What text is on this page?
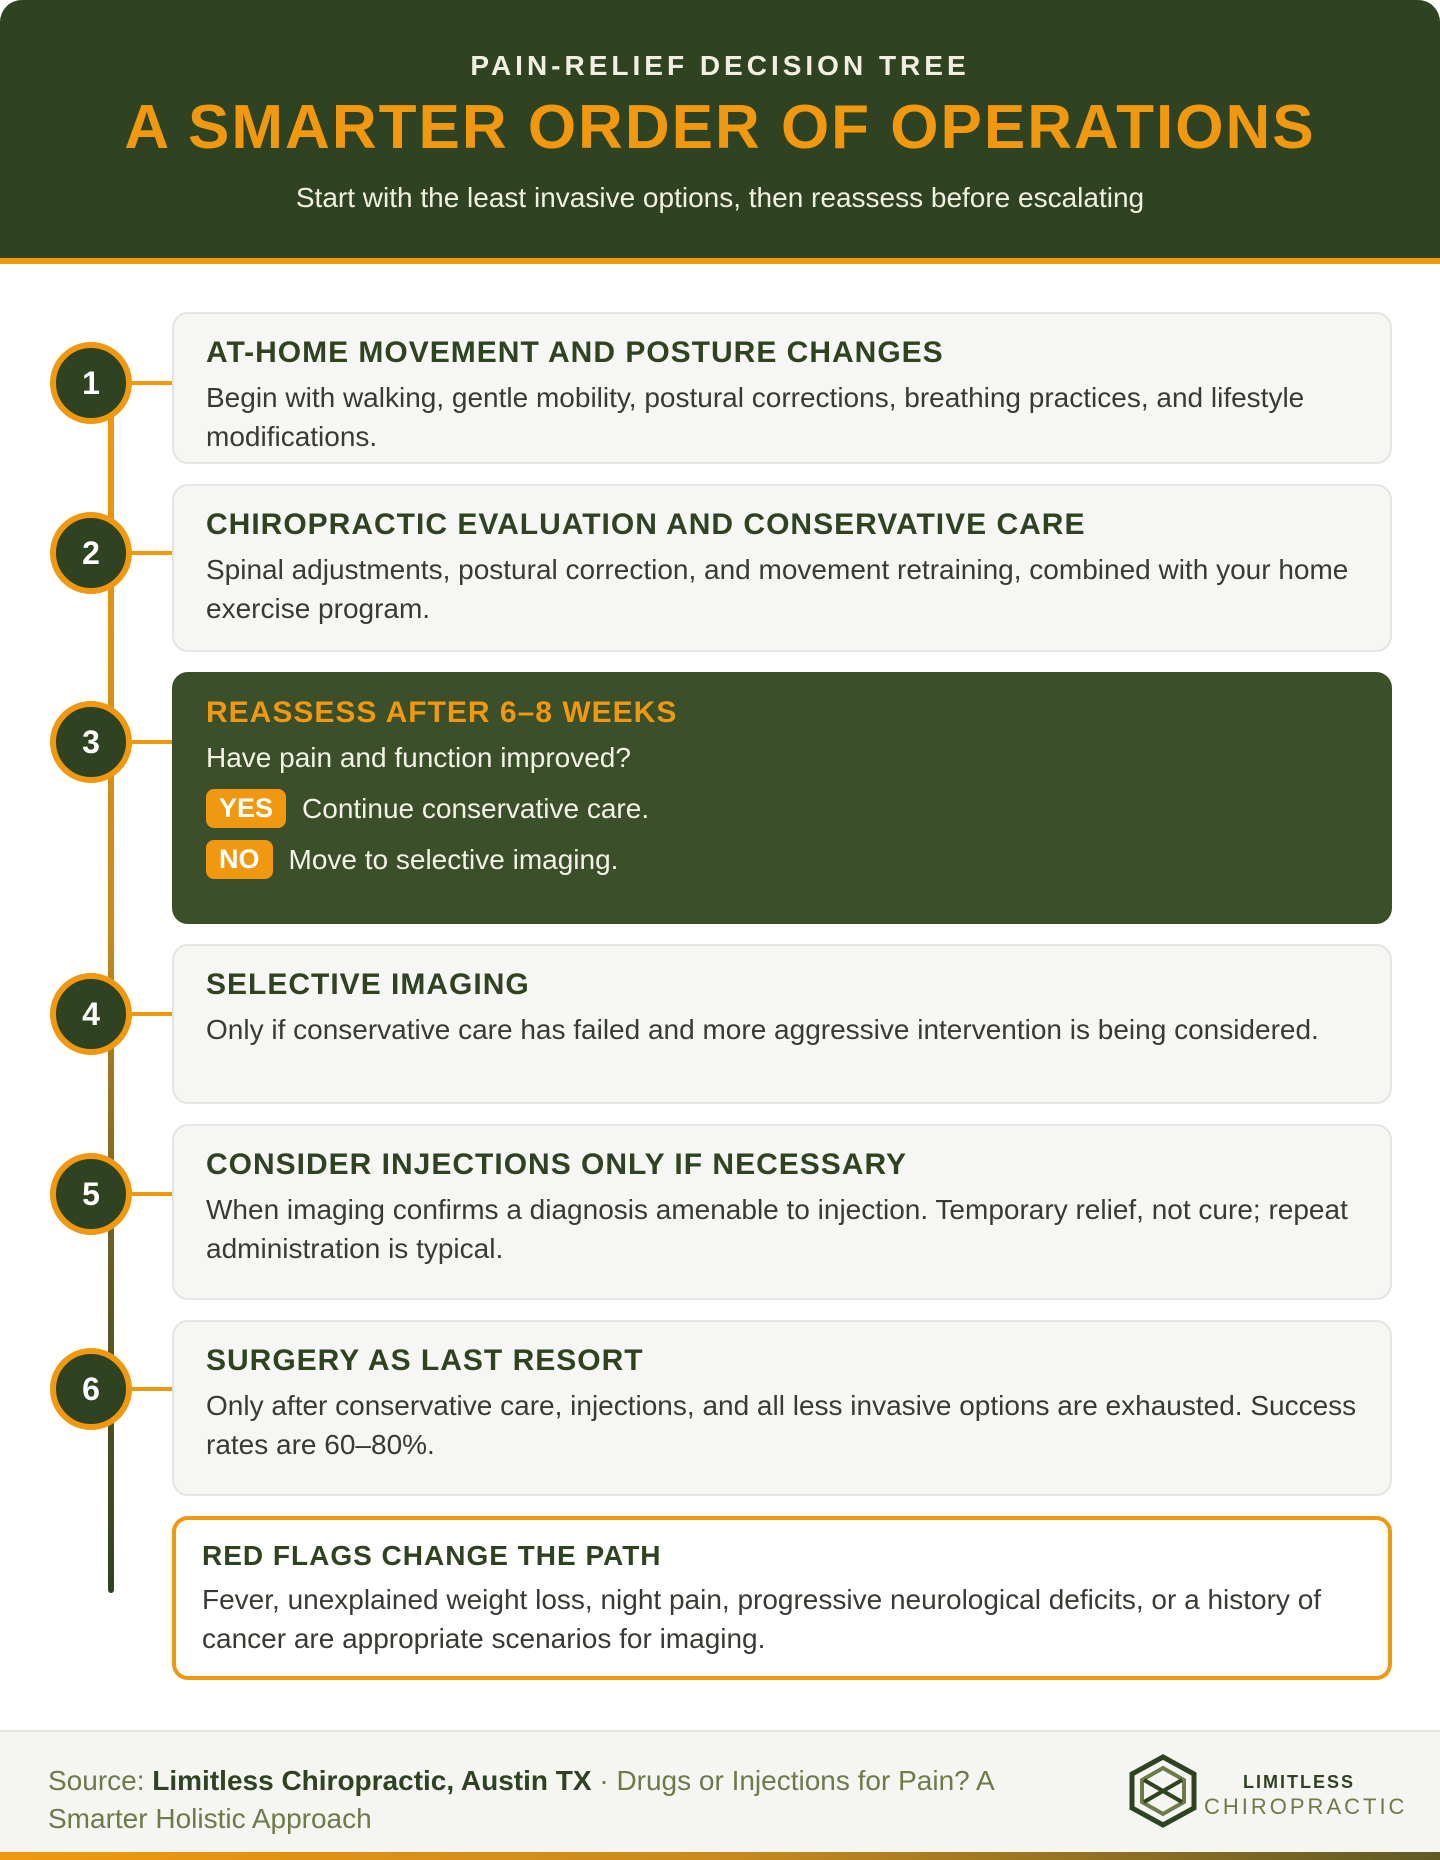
PAIN-RELIEF DECISION TREE
A SMARTER ORDER OF OPERATIONS
Start with the least invasive options, then reassess before escalating
1
AT-HOME MOVEMENT AND POSTURE CHANGES

Begin with walking, gentle mobility, postural corrections, breathing practices, and lifestyle modifications.

2
CHIROPRACTIC EVALUATION AND CONSERVATIVE CARE

Spinal adjustments, postural correction, and movement retraining, combined with your home exercise program.

3
REASSESS AFTER 6–8 WEEKS

Have pain and function improved?

YES	Continue conservative care.
NO	Move to selective imaging.
4
SELECTIVE IMAGING

Only if conservative care has failed and more aggressive intervention is being considered.

5
CONSIDER INJECTIONS ONLY IF NECESSARY

When imaging confirms a diagnosis amenable to injection. Temporary relief, not cure; repeat administration is typical.

6
SURGERY AS LAST RESORT

Only after conservative care, injections, and all less invasive options are exhausted. Success rates are 60–80%.

RED FLAGS CHANGE THE PATH

Fever, unexplained weight loss, night pain, progressive neurological deficits, or a history of cancer are appropriate scenarios for imaging.

Source: Limitless Chiropractic, Austin TX · Drugs or Injections for Pain? A Smarter Holistic Approach
LIMITLESS
CHIROPRACTIC
